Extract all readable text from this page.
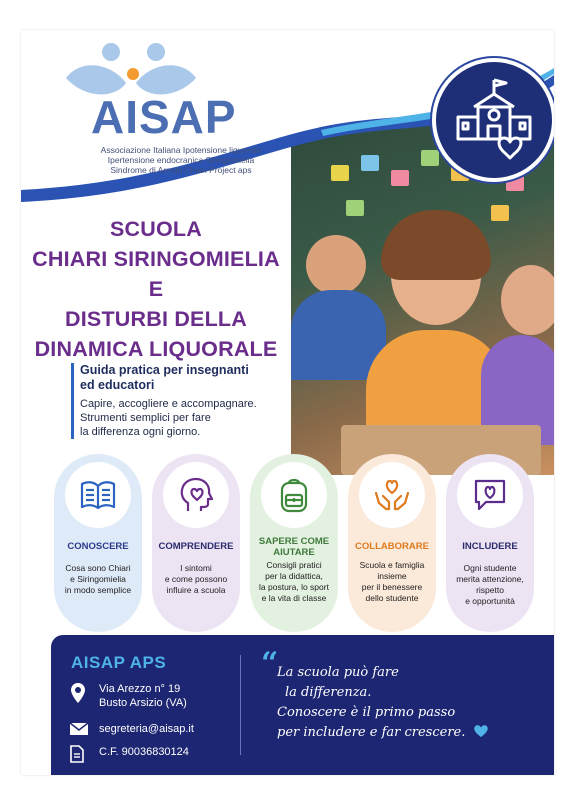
AISAP
Associazione Italiana Ipotensione liquorale
Ipertensione endocranica Siringomielia
Sindrome di Arnold Chiari Project aps
SCUOLA
CHIARI SIRINGOMIELIA
E
DISTURBI DELLA
DINAMICA LIQUORALE
Guida pratica per insegnanti
ed educatori
Capire, accogliere e accompagnare.
Strumenti semplici per fare
la differenza ogni giorno.
CONOSCERE
Cosa sono Chiari
e Siringomielia
in modo semplice
COMPRENDERE
I sintomi
e come possono
influire a scuola
SAPERE COME
AIUTARE
Consigli pratici
per la didattica,
la postura, lo sport
e la vita di classe
COLLABORARE
Scuola e famiglia
insieme
per il benessere
dello studente
INCLUDERE
Ogni studente
merita attenzione,
rispetto
e opportunità
AISAP APS
Via Arezzo n° 19
Busto Arsizio (VA)
segreteria@aisap.it
C.F. 90036830124
“
La scuola può fare
la differenza.
Conoscere è il primo passo
per includere e far crescere.
